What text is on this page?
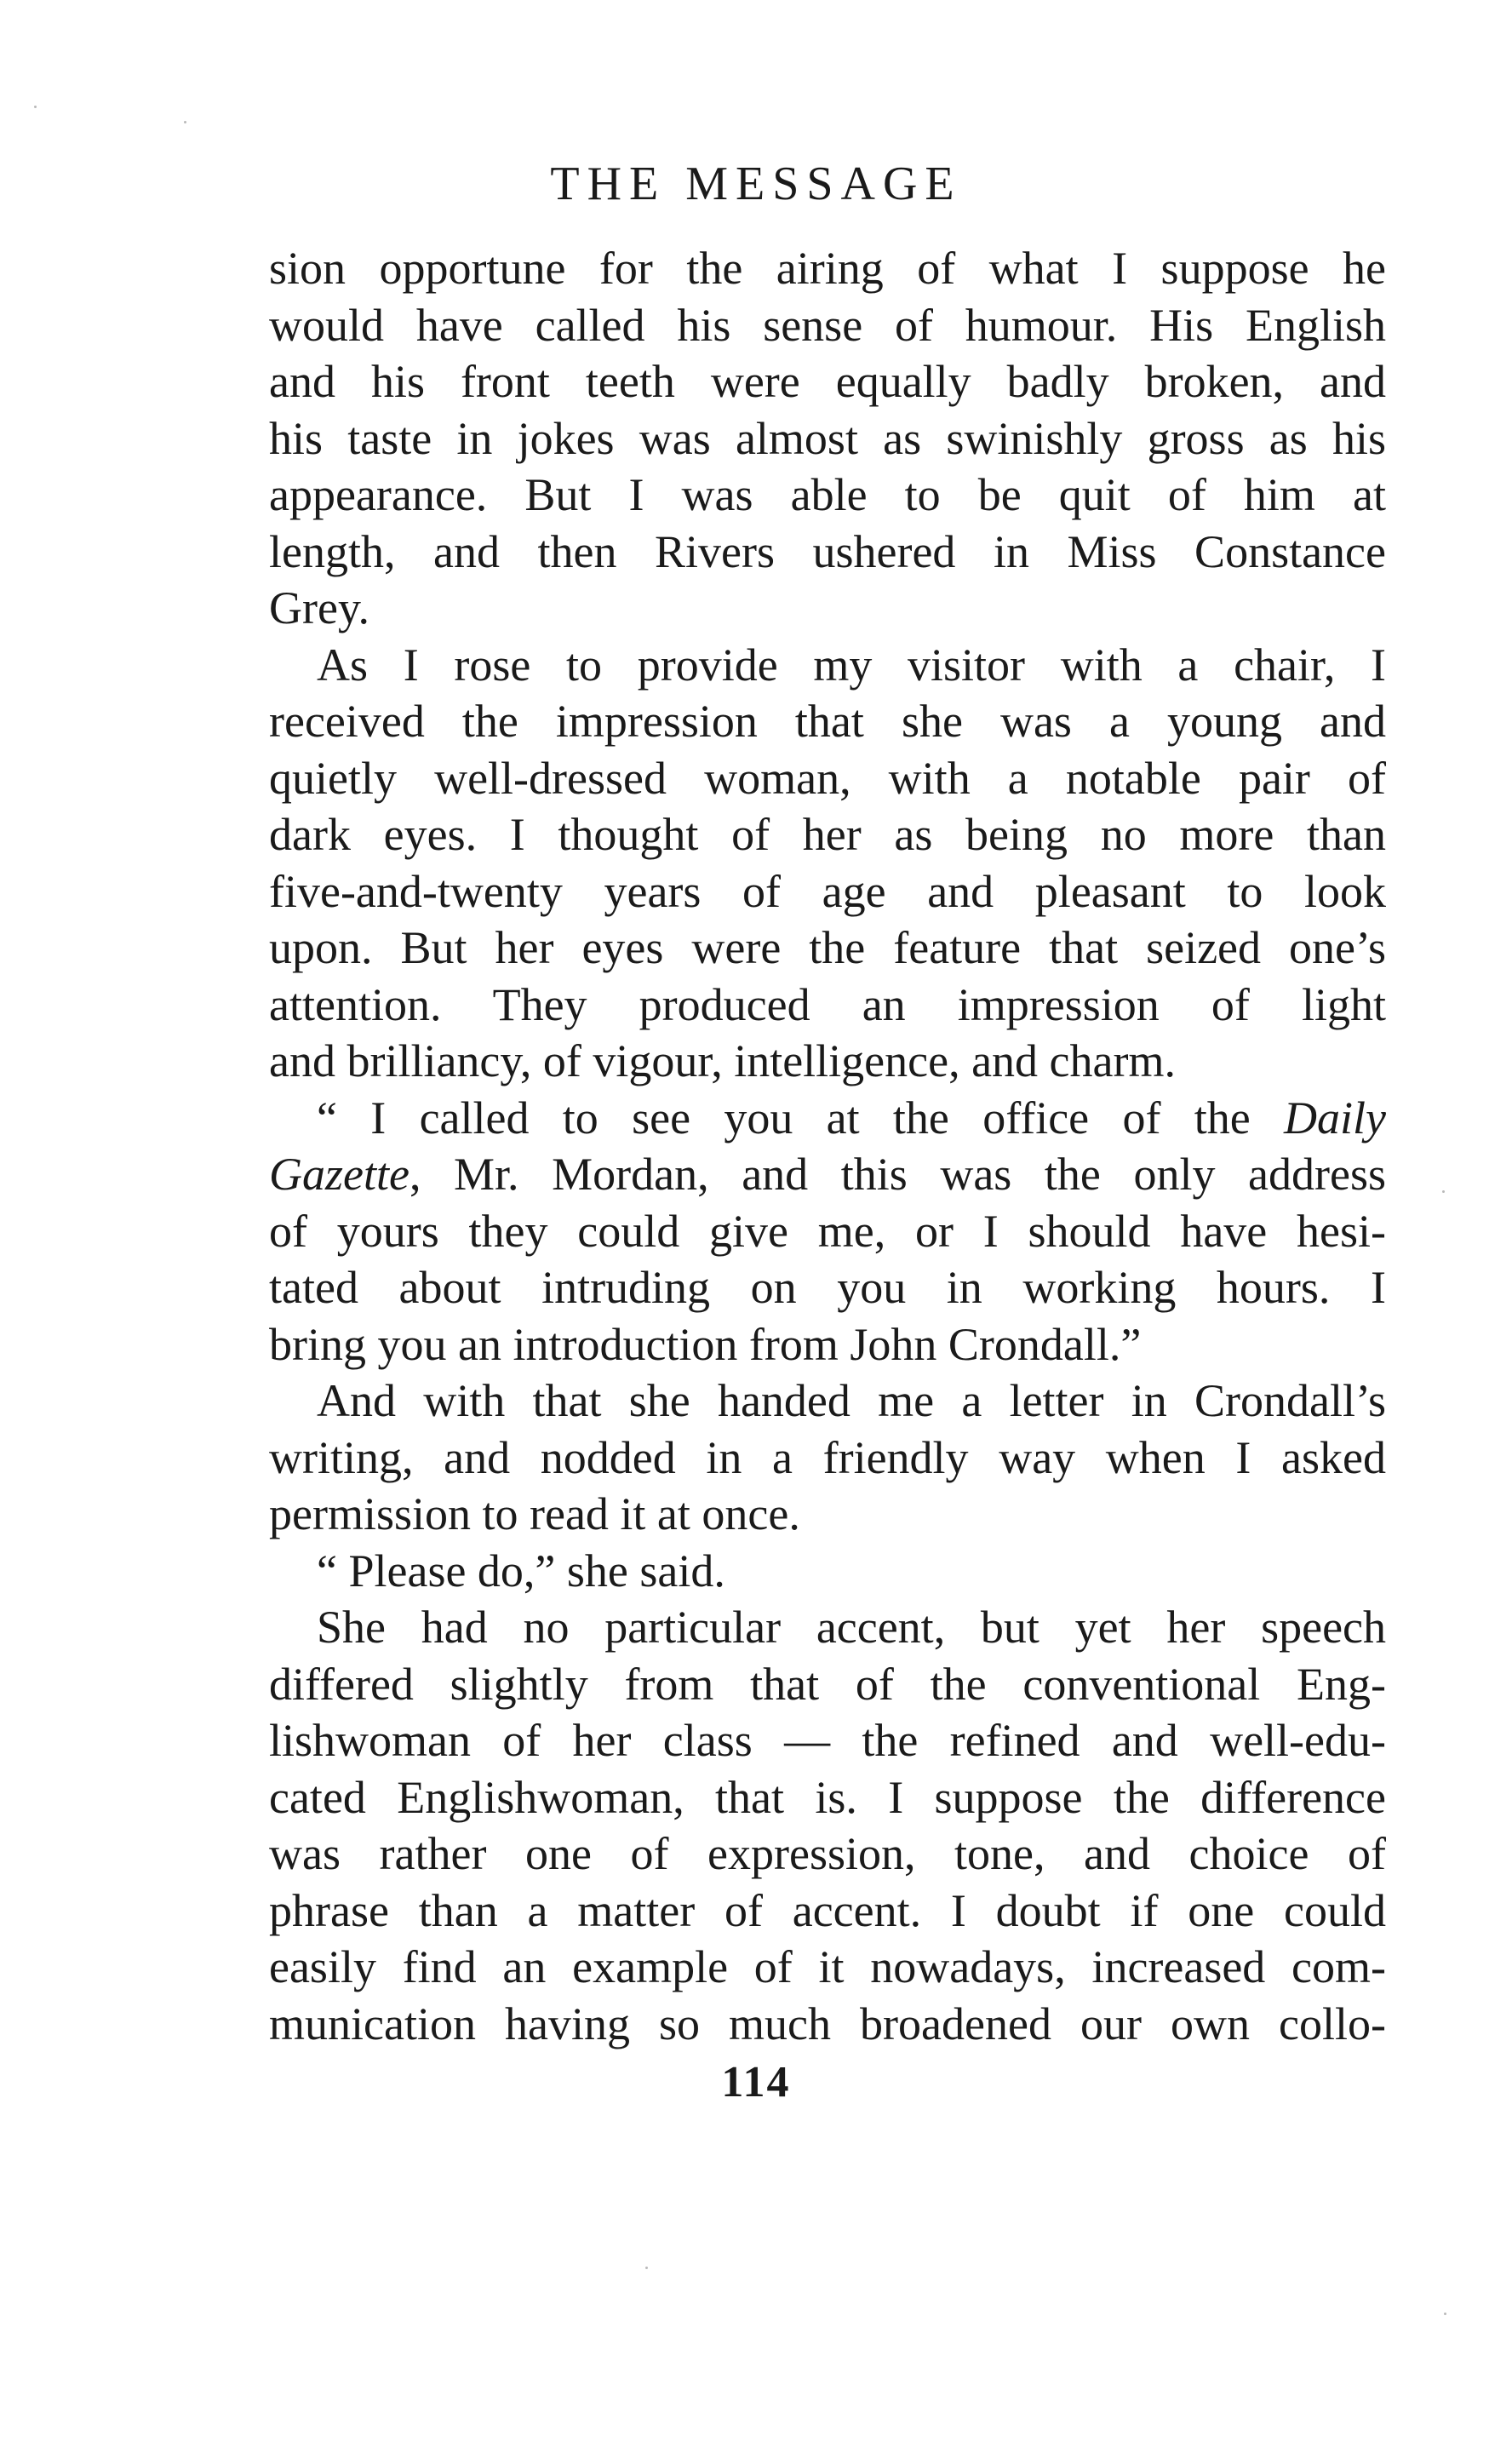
THE MESSAGE
sion opportune for the airing of what I suppose he
would have called his sense of humour. His English
and his front teeth were equally badly broken, and
his taste in jokes was almost as swinishly gross as his
appearance. But I was able to be quit of him at
length, and then Rivers ushered in Miss Constance
Grey.
As I rose to provide my visitor with a chair, I
received the impression that she was a young and
quietly well-dressed woman, with a notable pair of
dark eyes. I thought of her as being no more than
five-and-twenty years of age and pleasant to look
upon. But her eyes were the feature that seized one’s
attention. They produced an impression of light
and brilliancy, of vigour, intelligence, and charm.
“ I called to see you at the office of the Daily
Gazette, Mr. Mordan, and this was the only address
of yours they could give me, or I should have hesi-
tated about intruding on you in working hours. I
bring you an introduction from John Crondall.”
And with that she handed me a letter in Crondall’s
writing, and nodded in a friendly way when I asked
permission to read it at once.
“ Please do,” she said.
She had no particular accent, but yet her speech
differed slightly from that of the conventional Eng-
lishwoman of her class — the refined and well-edu-
cated Englishwoman, that is. I suppose the difference
was rather one of expression, tone, and choice of
phrase than a matter of accent. I doubt if one could
easily find an example of it nowadays, increased com-
munication having so much broadened our own collo-
114
